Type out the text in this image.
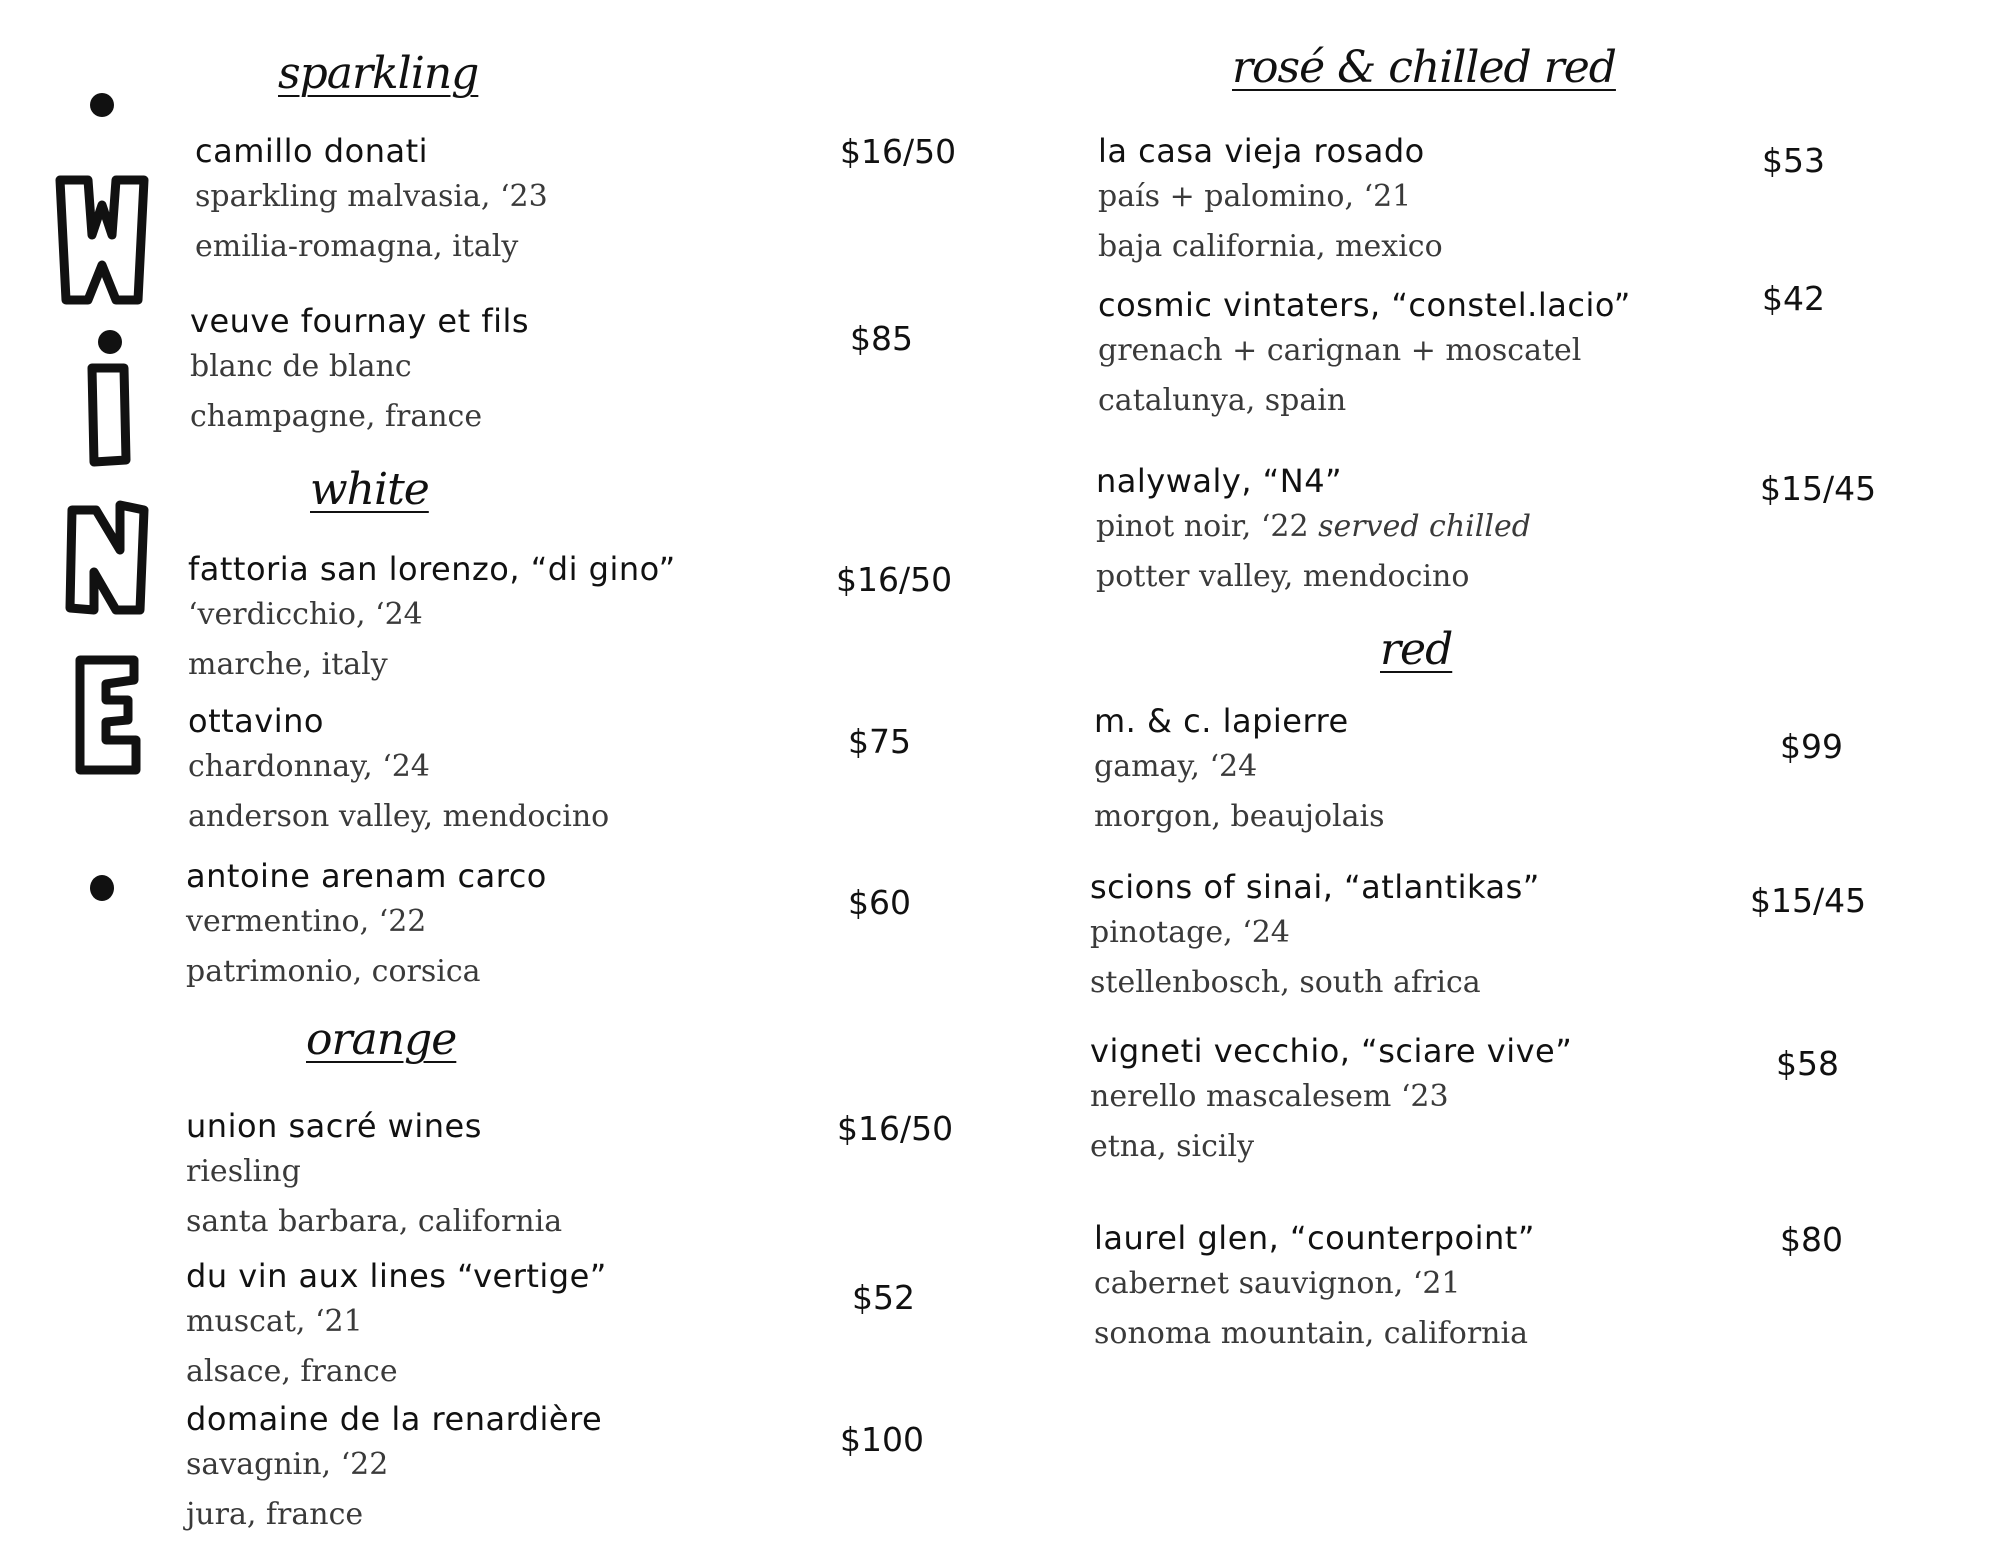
sparkling
camillo donati
sparkling malvasia, ‘23
emilia-romagna, italy
$16/50
veuve fournay et fils
blanc de blanc
champagne, france
$85
white
fattoria san lorenzo, “di gino”
‘verdicchio, ‘24
marche, italy
$16/50
ottavino
chardonnay, ‘24
anderson valley, mendocino
$75
antoine arenam carco
vermentino, ‘22
patrimonio, corsica
$60
orange
union sacré wines
riesling
santa barbara, california
$16/50
du vin aux lines “vertige”
muscat, ‘21
alsace, france
$52
domaine de la renardière
savagnin, ‘22
jura, france
$100
rosé & chilled red
la casa vieja rosado
país + palomino, ‘21
baja california, mexico
$53
cosmic vintaters, “constel.lacio”
grenach + carignan + moscatel
catalunya, spain
$42
nalywaly, “N4”
pinot noir, ‘22 served chilled
potter valley, mendocino
$15/45
red
m. & c. lapierre
gamay, ‘24
morgon, beaujolais
$99
scions of sinai, “atlantikas”
pinotage, ‘24
stellenbosch, south africa
$15/45
vigneti vecchio, “sciare vive”
nerello mascalesem ‘23
etna, sicily
$58
laurel glen, “counterpoint”
cabernet sauvignon, ‘21
sonoma mountain, california
$80
